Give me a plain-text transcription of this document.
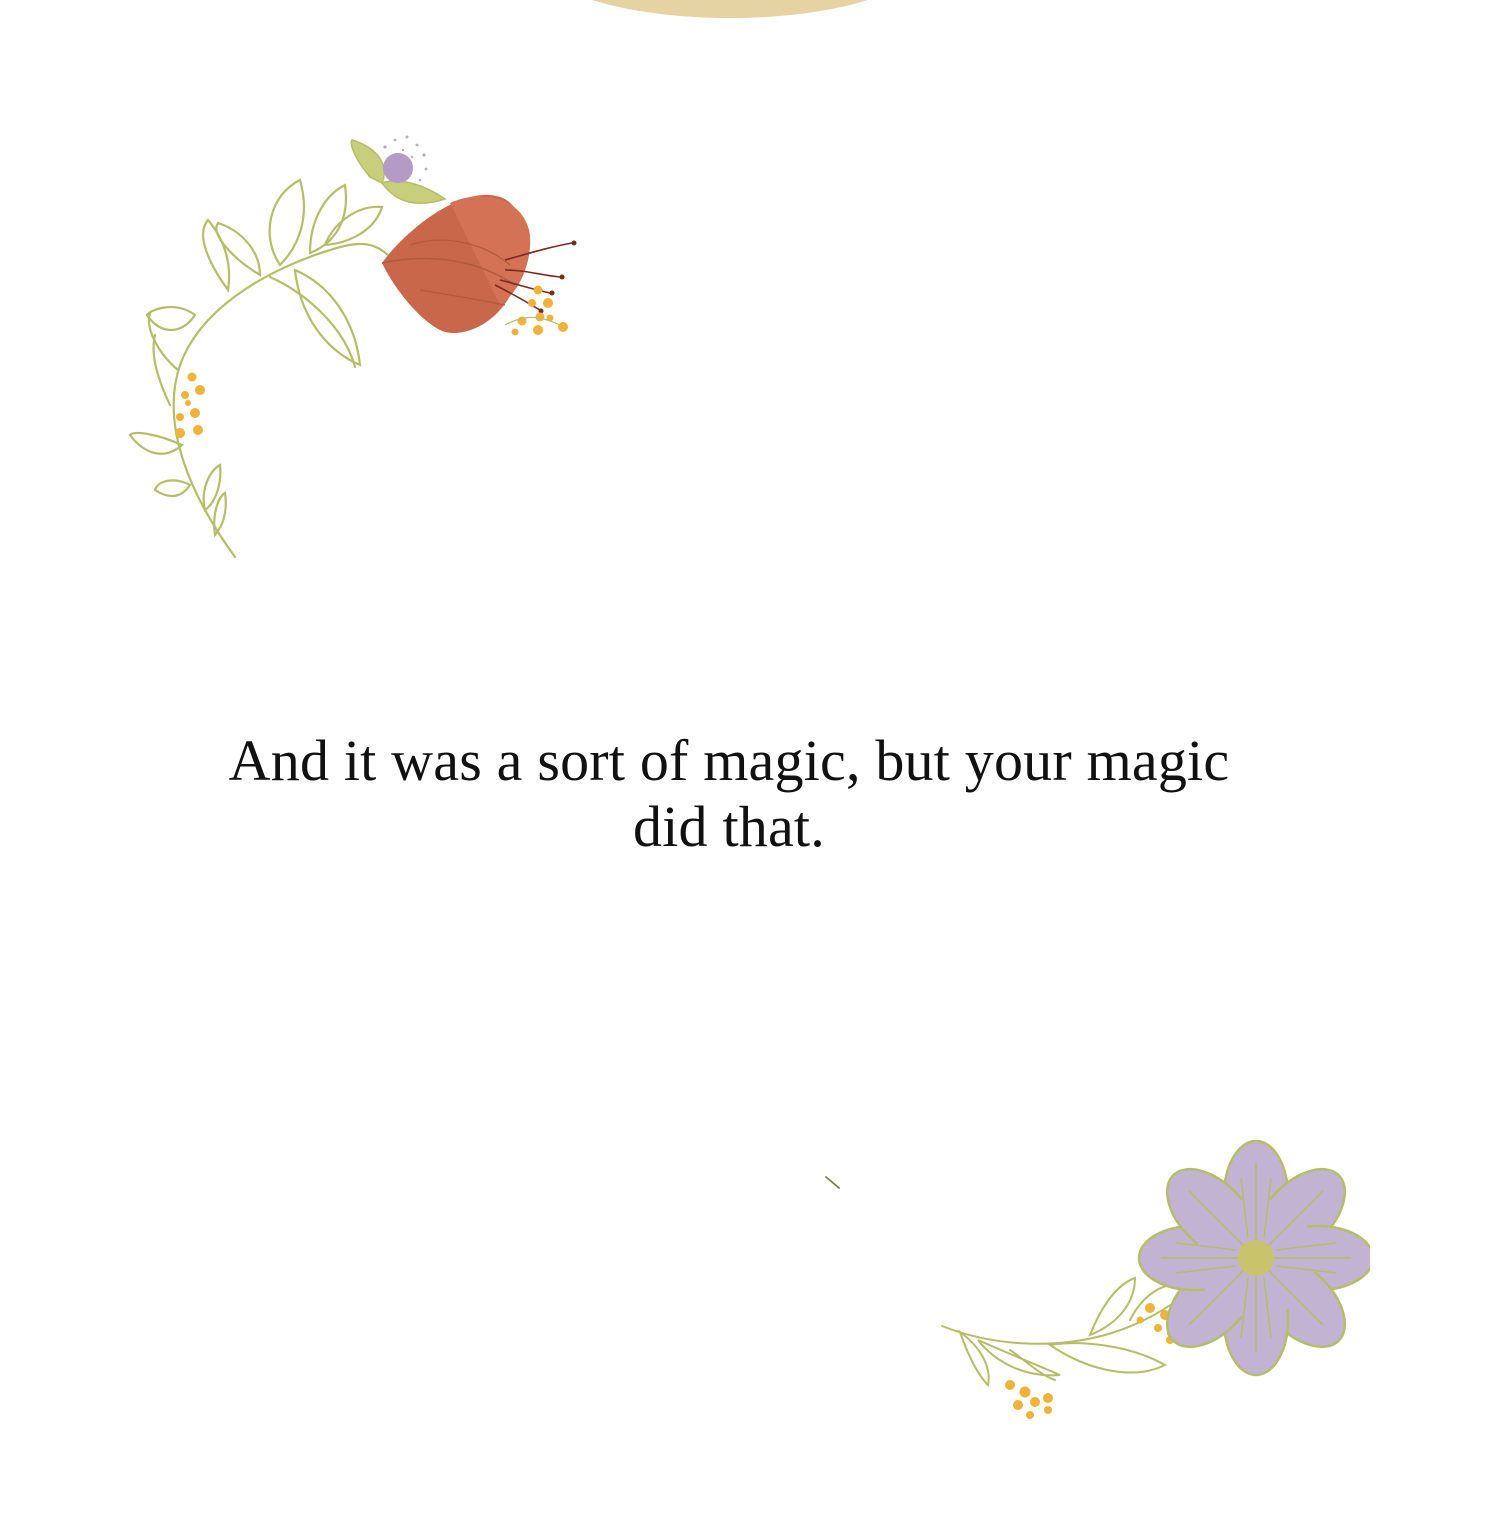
And it was a sort of magic, but your magic did that.
